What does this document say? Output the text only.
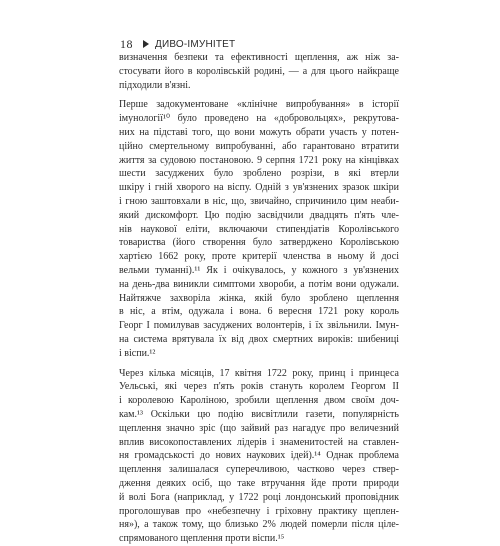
18 ДИВО-ІМУНІТЕТ
визначення безпеки та ефективності щеплення, аж ніж за-
стосувати його в королівській родині, — а для цього найкраще
підходили в'язні.
Перше задокументоване «клінічне випробування» в історії
імунології¹⁰ було проведено на «добровольцях», рекрутова-
них на підставі того, що вони можуть обрати участь у потен-
ційно смертельному випробуванні, або гарантовано втратити
життя за судовою постановою. 9 серпня 1721 року на кінцівках
шести засуджених було зроблено розрізи, в які втерли
шкіру і гній хворого на віспу. Одній з ув'язнених зразок шкіри
і гною заштовхали в ніс, що, звичайно, спричинило цим неаби-
який дискомфорт. Цю подію засвідчили двадцять п'ять чле-
нів наукової еліти, включаючи стипендіатів Королівського
товариства (його створення було затверджено Королівською
хартією 1662 року, проте критерії членства в ньому й досі
вельми туманні).¹¹ Як і очікувалось, у кожного з ув'язнених
на день-два виникли симптоми хвороби, а потім вони одужали.
Найтяжче захворіла жінка, якій було зроблено щеплення
в ніс, а втім, одужала і вона. 6 вересня 1721 року король
Георг I помилував засуджених волонтерів, і їх звільнили. Імун-
на система врятувала їх від двох смертних вироків: шибениці
і віспи.¹²
Через кілька місяців, 17 квітня 1722 року, принц і принцеса
Уельські, які через п'ять років стануть королем Георгом II
і королевою Кароліною, зробили щеплення двом своїм доч-
кам.¹³ Оскільки цю подію висвітлили газети, популярність
щеплення значно зріс (що зайвий раз нагадує про величезний
вплив високопоставлених лідерів і знаменитостей на ставлен-
ня громадськості до нових наукових ідей).¹⁴ Однак проблема
щеплення залишалася суперечливою, частково через ствер-
дження деяких осіб, що таке втручання йде проти природи
й волі Бога (наприклад, у 1722 році лондонський проповідник
проголошував про «небезпечну і гріховну практику щеплен-
ня»), а також тому, що близько 2% людей померли після ціле-
спрямованого щеплення проти віспи.¹⁵
